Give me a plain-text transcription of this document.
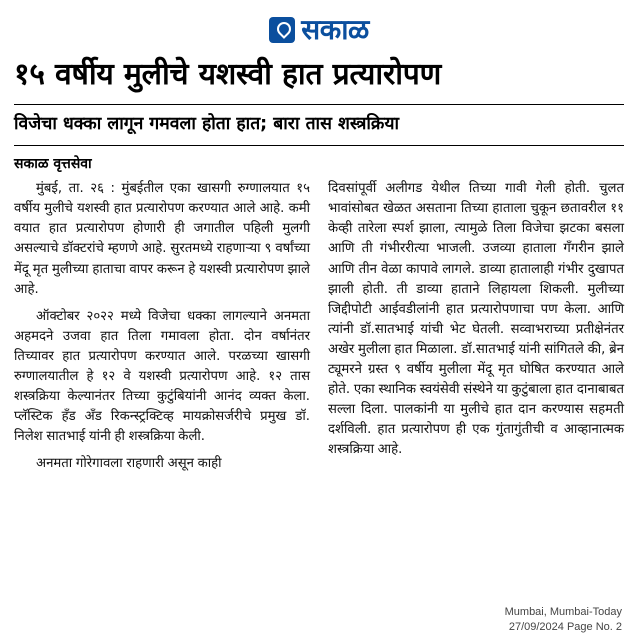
सकाळ
१५ वर्षीय मुलीचे यशस्वी हात प्रत्यारोपण
विजेचा धक्का लागून गमवला होता हात; बारा तास शस्त्रक्रिया
सकाळ वृत्तसेवा

मुंबई, ता. २६ : मुंबईतील एका खासगी रुग्णालयात १५ वर्षीय मुलीचे यशस्वी हात प्रत्यारोपण करण्यात आले आहे. कमी वयात हात प्रत्यारोपण होणारी ही जगातील पहिली मुलगी असल्याचे डॉक्टरांचे म्हणणे आहे. सुरतमध्ये राहणाऱ्या ९ वर्षांच्या मेंदू मृत मुलीच्या हाताचा वापर करून हे यशस्वी प्रत्यारोपण झाले आहे.

ऑक्टोबर २०२२ मध्ये विजेचा धक्का लागल्याने अनमता अहमदने उजवा हात तिला गमावला होता. दोन वर्षानंतर तिच्यावर हात प्रत्यारोपण करण्यात आले. परळच्या खासगी रुग्णालयातील हे १२ वे यशस्वी प्रत्यारोपण आहे. १२ तास शस्त्रक्रिया केल्यानंतर तिच्या कुटुंबियांनी आनंद व्यक्त केला. प्लॅस्टिक हँड अँड रिकन्स्ट्रक्टिव्ह मायक्रोसर्जरीचे प्रमुख डॉ. निलेश सातभाई यांनी ही शस्त्रक्रिया केली.

अनमता गोरेगावला राहणारी असून काही

दिवसांपूर्वी अलीगड येथील तिच्या गावी गेली होती. चुलत भावांसोबत खेळत असताना तिच्या हाताला चुकून छतावरील ११ केव्ही तारेला स्पर्श झाला, त्यामुळे तिला विजेचा झटका बसला आणि ती गंभीररीत्या भाजली. उजव्या हाताला गँगरीन झाले आणि तीन वेळा कापावे लागले. डाव्या हातालाही गंभीर दुखापत झाली होती. ती डाव्या हाताने लिहायला शिकली. मुलीच्या जिद्दीपोटी आईवडीलांनी हात प्रत्यारोपणाचा पण केला. आणि त्यांनी डॉ.सातभाई यांची भेट घेतली. सव्वाभराच्या प्रतीक्षेनंतर अखेर मुलीला हात मिळाला. डॉ.सातभाई यांनी सांगितले की, ब्रेन ट्यूमरने ग्रस्त ९ वर्षीय मुलीला मेंदू मृत घोषित करण्यात आले होते. एका स्थानिक स्वयंसेवी संस्थेने या कुटुंबाला हात दानाबाबत सल्ला दिला. पालकांनी या मुलीचे हात दान करण्यास सहमती दर्शविली. हात प्रत्यारोपण ही एक गुंतागुंतीची व आव्हानात्मक शस्त्रक्रिया आहे.

Mumbai, Mumbai-Today
27/09/2024 Page No. 2
